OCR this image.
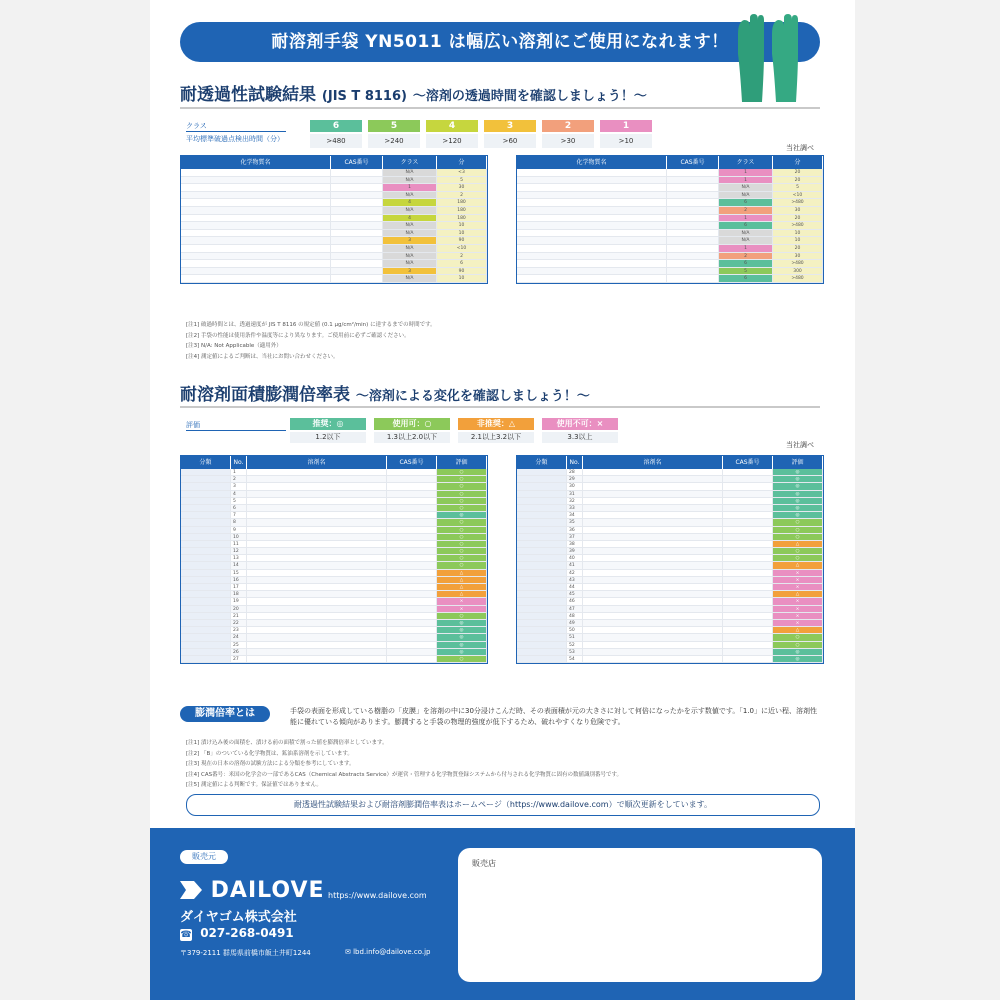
耐溶剤手袋 YN5011 は幅広い溶剤にご使用になれます！
耐透過性試験結果 (JIS T 8116) 〜溶剤の透過時間を確認しましょう！〜
クラス
平均標準破過点検出時間（分）
6
>480
5
>240
4
>120
3
>60
2
>30
1
>10
当社調べ
化学物質名	CAS番号	クラス	分
N/A	<3
N/A	5
1	30
N/A	2
4	180
N/A	180
4	180
N/A	10
N/A	10
3	90
N/A	<10
N/A	2
N/A	6
3	90
N/A	10
化学物質名	CAS番号	クラス	分
1	20
1	20
N/A	5
N/A	<10
6	>480
2	30
1	20
6	>480
N/A	10
N/A	10
1	20
2	30
6	>480
5	300
6	>480
[注1] 破過時間とは、透過速度が JIS T 8116 の規定値 (0.1 μg/cm²/min) に達するまでの時間です。
[注2] 手袋の性能は使用条件や温度等により異なります。ご使用前に必ずご確認ください。
[注3] N/A: Not Applicable（適用外）
[注4] 測定値によるご判断は、当社にお問い合わせください。
耐溶剤面積膨潤倍率表 〜溶剤による変化を確認しましょう！〜
評価	推奨：◎
1.2以下
使用可：○
1.3以上2.0以下
非推奨：△
2.1以上3.2以下
使用不可：×
3.3以上
当社調べ
分類	No.	溶剤名	CAS番号	評価
1	○
2	○
3	○
4	○
5	○
6	○
7	◎
8	○
9	○
10	○
11	○
12	○
13	○
14	○
15	△
16	△
17	△
18	△
19	×
20	×
21	○
22	◎
23	◎
24	◎
25	◎
26	◎
27	○
分類	No.	溶剤名	CAS番号	評価
28	◎
29	◎
30	◎
31	◎
32	◎
33	◎
34	◎
35	○
36	○
37	○
38	△
39	○
40	○
41	△
42	×
43	×
44	×
45	△
46	×
47	×
48	×
49	×
50	△
51	○
52	○
53	◎
54	◎
膨潤倍率とは	手袋の表面を形成している樹脂の「皮膜」を溶剤の中に30分浸けこんだ時、その表面積が元の大きさに対して何倍になったかを示す数値です。「1.0」に近い程、溶剤性能に優れている傾向があります。膨潤すると手袋の物理的強度が低下するため、破れやすくなり危険です。
[注1] 漬け込み後の面積を、漬ける前の面積で割った値を膨潤倍率としています。
[注2] 「B」のついている化学物質は、鉱油系溶剤を示しています。
[注3] 現在の日本の溶剤の試験方法による分類を参考にしています。
[注4] CAS番号：米国の化学会の一部であるCAS（Chemical Abstracts Service）が運営・管理する化学物質登録システムから付与される化学物質に固有の数値識別番号です。
[注5] 測定値による判断です。保証値ではありません。
耐透過性試験結果および耐溶剤膨潤倍率表はホームページ（https://www.dailove.com）で順次更新をしています。
販売元
DAILOVE https://www.dailove.com
ダイヤゴム株式会社
☎ 027-268-0491
〒379-2111 群馬県前橋市飯土井町1244	✉ lbd.info@dailove.co.jp
販売店
